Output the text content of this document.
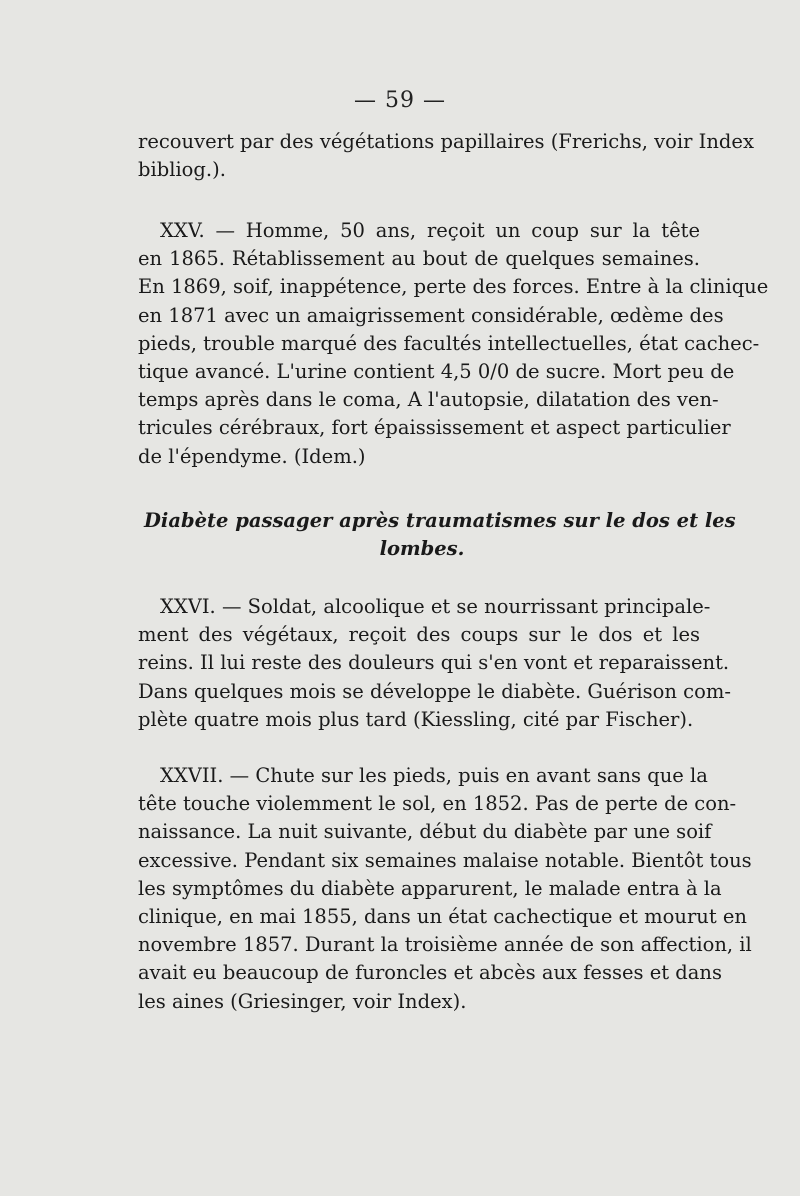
— 59 —
recouvert par des végétations papillaires (Frerichs, voir Index
bibliog.).
XXV. — Homme, 50 ans, reçoit un coup sur la tête
en 1865. Rétablissement au bout de quelques semaines.
En 1869, soif, inappétence, perte des forces. Entre à la clinique
en 1871 avec un amaigrissement considérable, œdème des
pieds, trouble marqué des facultés intellectuelles, état cachec-
tique avancé. L'urine contient 4,5 0/0 de sucre. Mort peu de
temps après dans le coma, A l'autopsie, dilatation des ven-
tricules cérébraux, fort épaississement et aspect particulier
de l'épendyme. (Idem.)
Diabète passager après traumatismes sur le dos et les
lombes.
XXVI. — Soldat, alcoolique et se nourrissant principale-
ment des végétaux, reçoit des coups sur le dos et les
reins. Il lui reste des douleurs qui s'en vont et reparaissent.
Dans quelques mois se développe le diabète. Guérison com-
plète quatre mois plus tard (Kiessling, cité par Fischer).
XXVII. — Chute sur les pieds, puis en avant sans que la
tête touche violemment le sol, en 1852. Pas de perte de con-
naissance. La nuit suivante, début du diabète par une soif
excessive. Pendant six semaines malaise notable. Bientôt tous
les symptômes du diabète apparurent, le malade entra à la
clinique, en mai 1855, dans un état cachectique et mourut en
novembre 1857. Durant la troisième année de son affection, il
avait eu beaucoup de furoncles et abcès aux fesses et dans
les aines (Griesinger, voir Index).
